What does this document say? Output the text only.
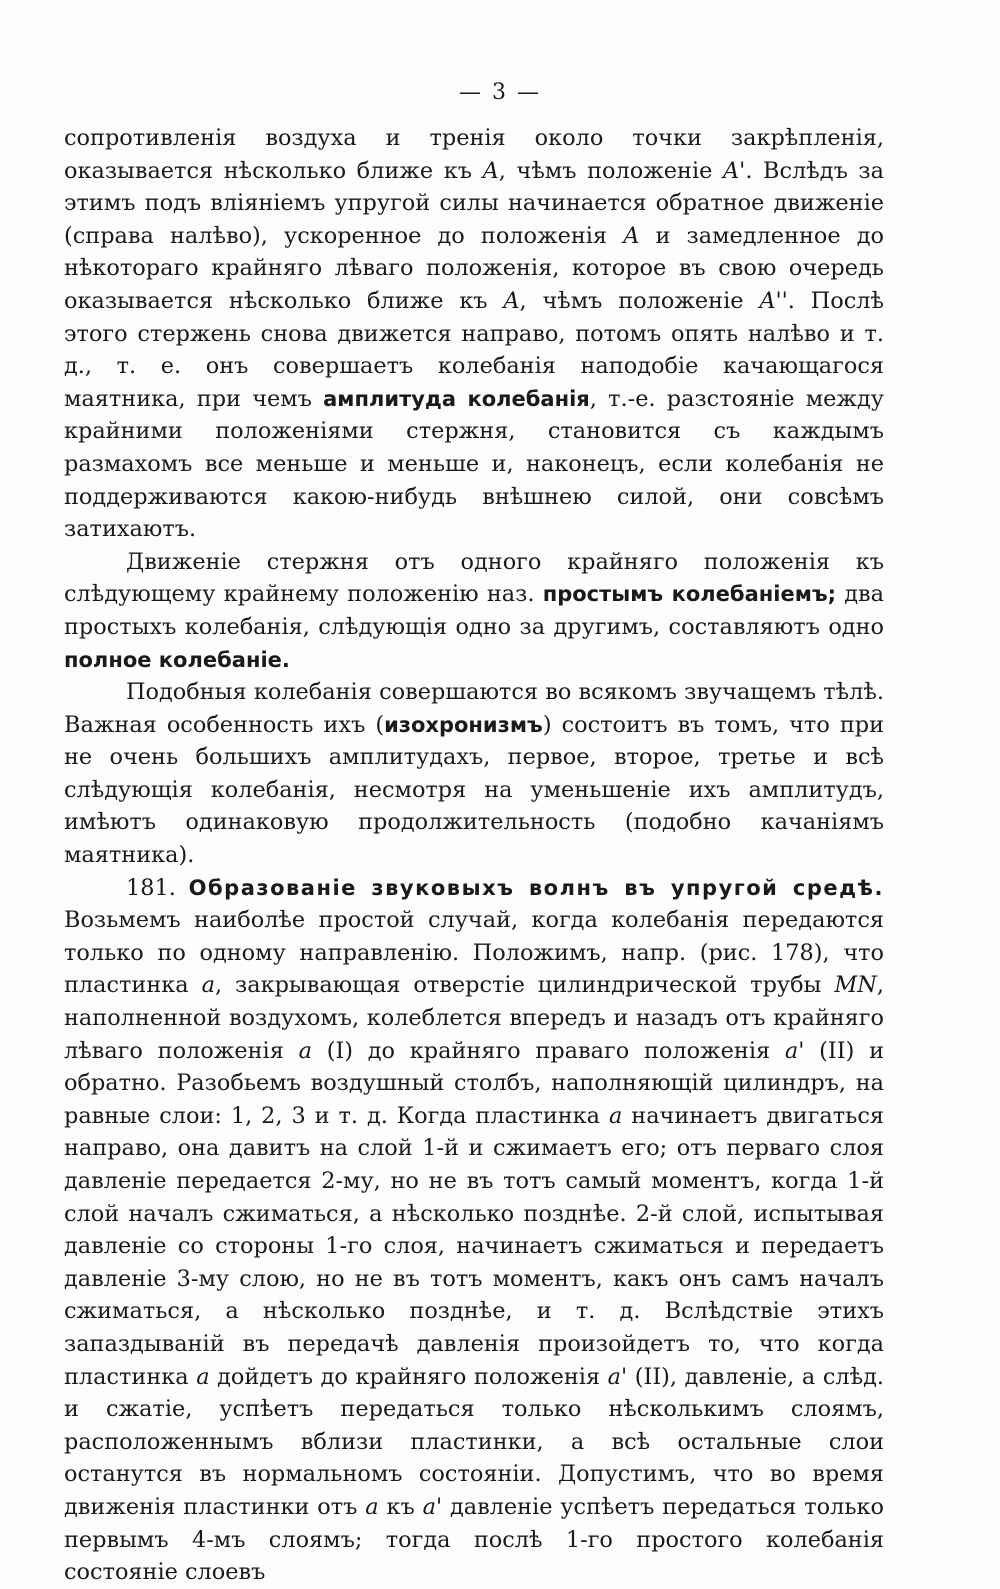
— 3 —

сопротивленія воздуха и тренія около точки закрѣпленія, оказывается нѣсколько ближе къ A, чѣмъ положеніе A'. Вслѣдъ за этимъ подъ вліяніемъ упругой силы начинается обратное движеніе (справа налѣво), ускоренное до положенія A и замедленное до нѣкотораго крайняго лѣваго положенія, которое въ свою очередь оказывается нѣсколько ближе къ A, чѣмъ положеніе A''. Послѣ этого стержень снова движется направо, потомъ опять налѣво и т. д., т. е. онъ совершаетъ колебанія наподобіе качающагося маятника, при чемъ амплитуда колебанія, т.-е. разстояніе между крайними положеніями стержня, становится съ каждымъ размахомъ все меньше и меньше и, наконецъ, если колебанія не поддерживаются какою-нибудь внѣшнею силой, они совсѣмъ затихаютъ.

Движеніе стержня отъ одного крайняго положенія къ слѣдующему крайнему положенію наз. простымъ колебаніемъ; два простыхъ колебанія, слѣдующія одно за другимъ, составляютъ одно полное колебаніе.

Подобныя колебанія совершаются во всякомъ звучащемъ тѣлѣ. Важная особенность ихъ (изохронизмъ) состоитъ въ томъ, что при не очень большихъ амплитудахъ, первое, второе, третье и всѣ слѣдующія колебанія, несмотря на уменьшеніе ихъ амплитудъ, имѣютъ одинаковую продолжительность (подобно качаніямъ маятника).

181. Образованіе звуковыхъ волнъ въ упругой средѣ. Возьмемъ наиболѣе простой случай, когда колебанія передаются только по одному направленію. Положимъ, напр. (рис. 178), что пластинка a, закрывающая отверстіе цилиндрической трубы MN, наполненной воздухомъ, колеблется впередъ и назадъ отъ крайняго лѣваго положенія a (I) до крайняго праваго положенія a' (II) и обратно. Разобьемъ воздушный столбъ, наполняющій цилиндръ, на равные слои: 1, 2, 3 и т. д. Когда пластинка a начинаетъ двигаться направо, она давитъ на слой 1-й и сжимаетъ его; отъ перваго слоя давленіе передается 2-му, но не въ тотъ самый моментъ, когда 1-й слой началъ сжиматься, а нѣсколько позднѣе. 2-й слой, испытывая давленіе со стороны 1-го слоя, начинаетъ сжиматься и передаетъ давленіе 3-му слою, но не въ тотъ моментъ, какъ онъ самъ началъ сжиматься, а нѣсколько позднѣе, и т. д. Вслѣдствіе этихъ запаздываній въ передачѣ давленія произойдетъ то, что когда пластинка a дойдетъ до крайняго положенія a' (II), давленіе, а слѣд. и сжатіе, успѣетъ передаться только нѣсколькимъ слоямъ, расположеннымъ вблизи пластинки, а всѣ остальные слои останутся въ нормальномъ состояніи. Допустимъ, что во время движенія пластинки отъ a къ a' давленіе успѣетъ передаться только первымъ 4-мъ слоямъ; тогда послѣ 1-го простого колебанія состояніе слоевъ
